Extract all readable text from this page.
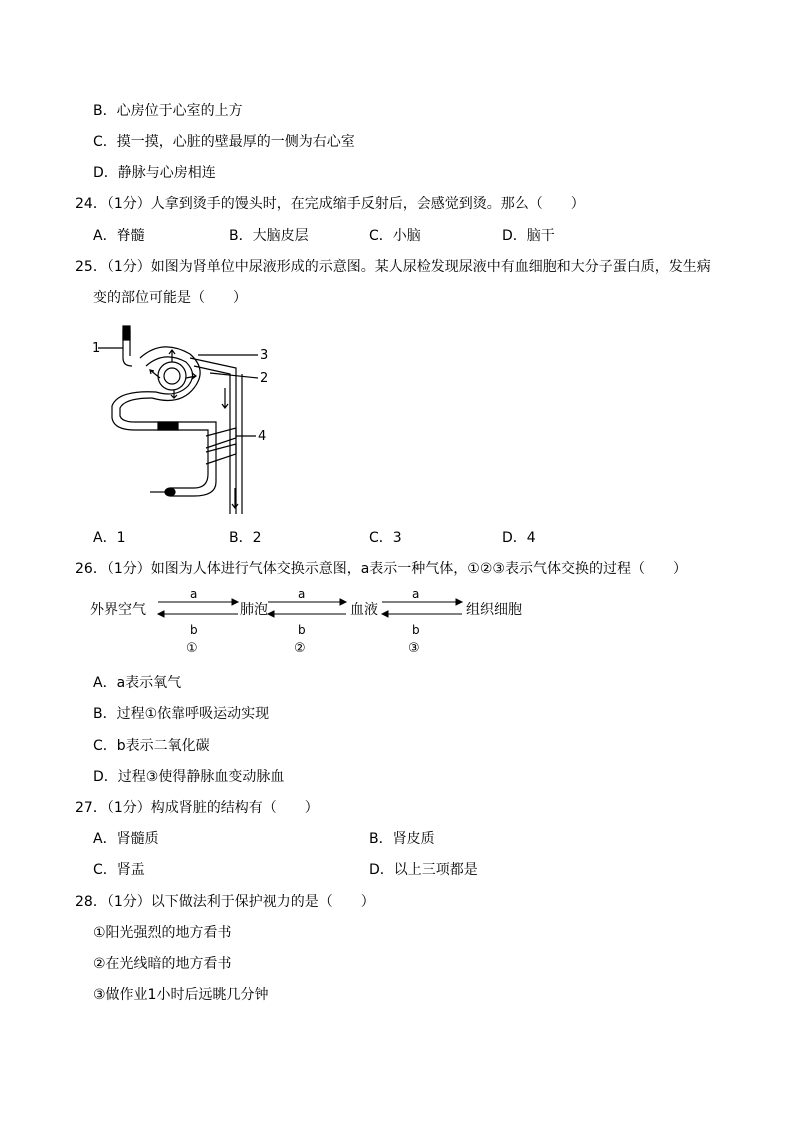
B．心房位于心室的上方
C．摸一摸，心脏的壁最厚的一侧为右心室
D．静脉与心房相连
24．（1分）人拿到烫手的馒头时，在完成缩手反射后，会感觉到烫。那么（　　）
A．脊髓	B．大脑皮层	C．小脑	D．脑干
25．（1分）如图为肾单位中尿液形成的示意图。某人尿检发现尿液中有血细胞和大分子蛋白质，发生病
变的部位可能是（　　）
1
2
3
4
A．1	B．2	C．3	D．4
26．（1分）如图为人体进行气体交换示意图，a表示一种气体，①②③表示气体交换的过程（　　）
外界空气	肺泡	血液	组织细胞
a	a	a
b	b	b
①	②	③
A．a表示氧气
B．过程①依靠呼吸运动实现
C．b表示二氧化碳
D．过程③使得静脉血变动脉血
27．（1分）构成肾脏的结构有（　　）
A．肾髓质	B．肾皮质
C．肾盂	D．以上三项都是
28．（1分）以下做法利于保护视力的是（　　）
①阳光强烈的地方看书
②在光线暗的地方看书
③做作业1小时后远眺几分钟
